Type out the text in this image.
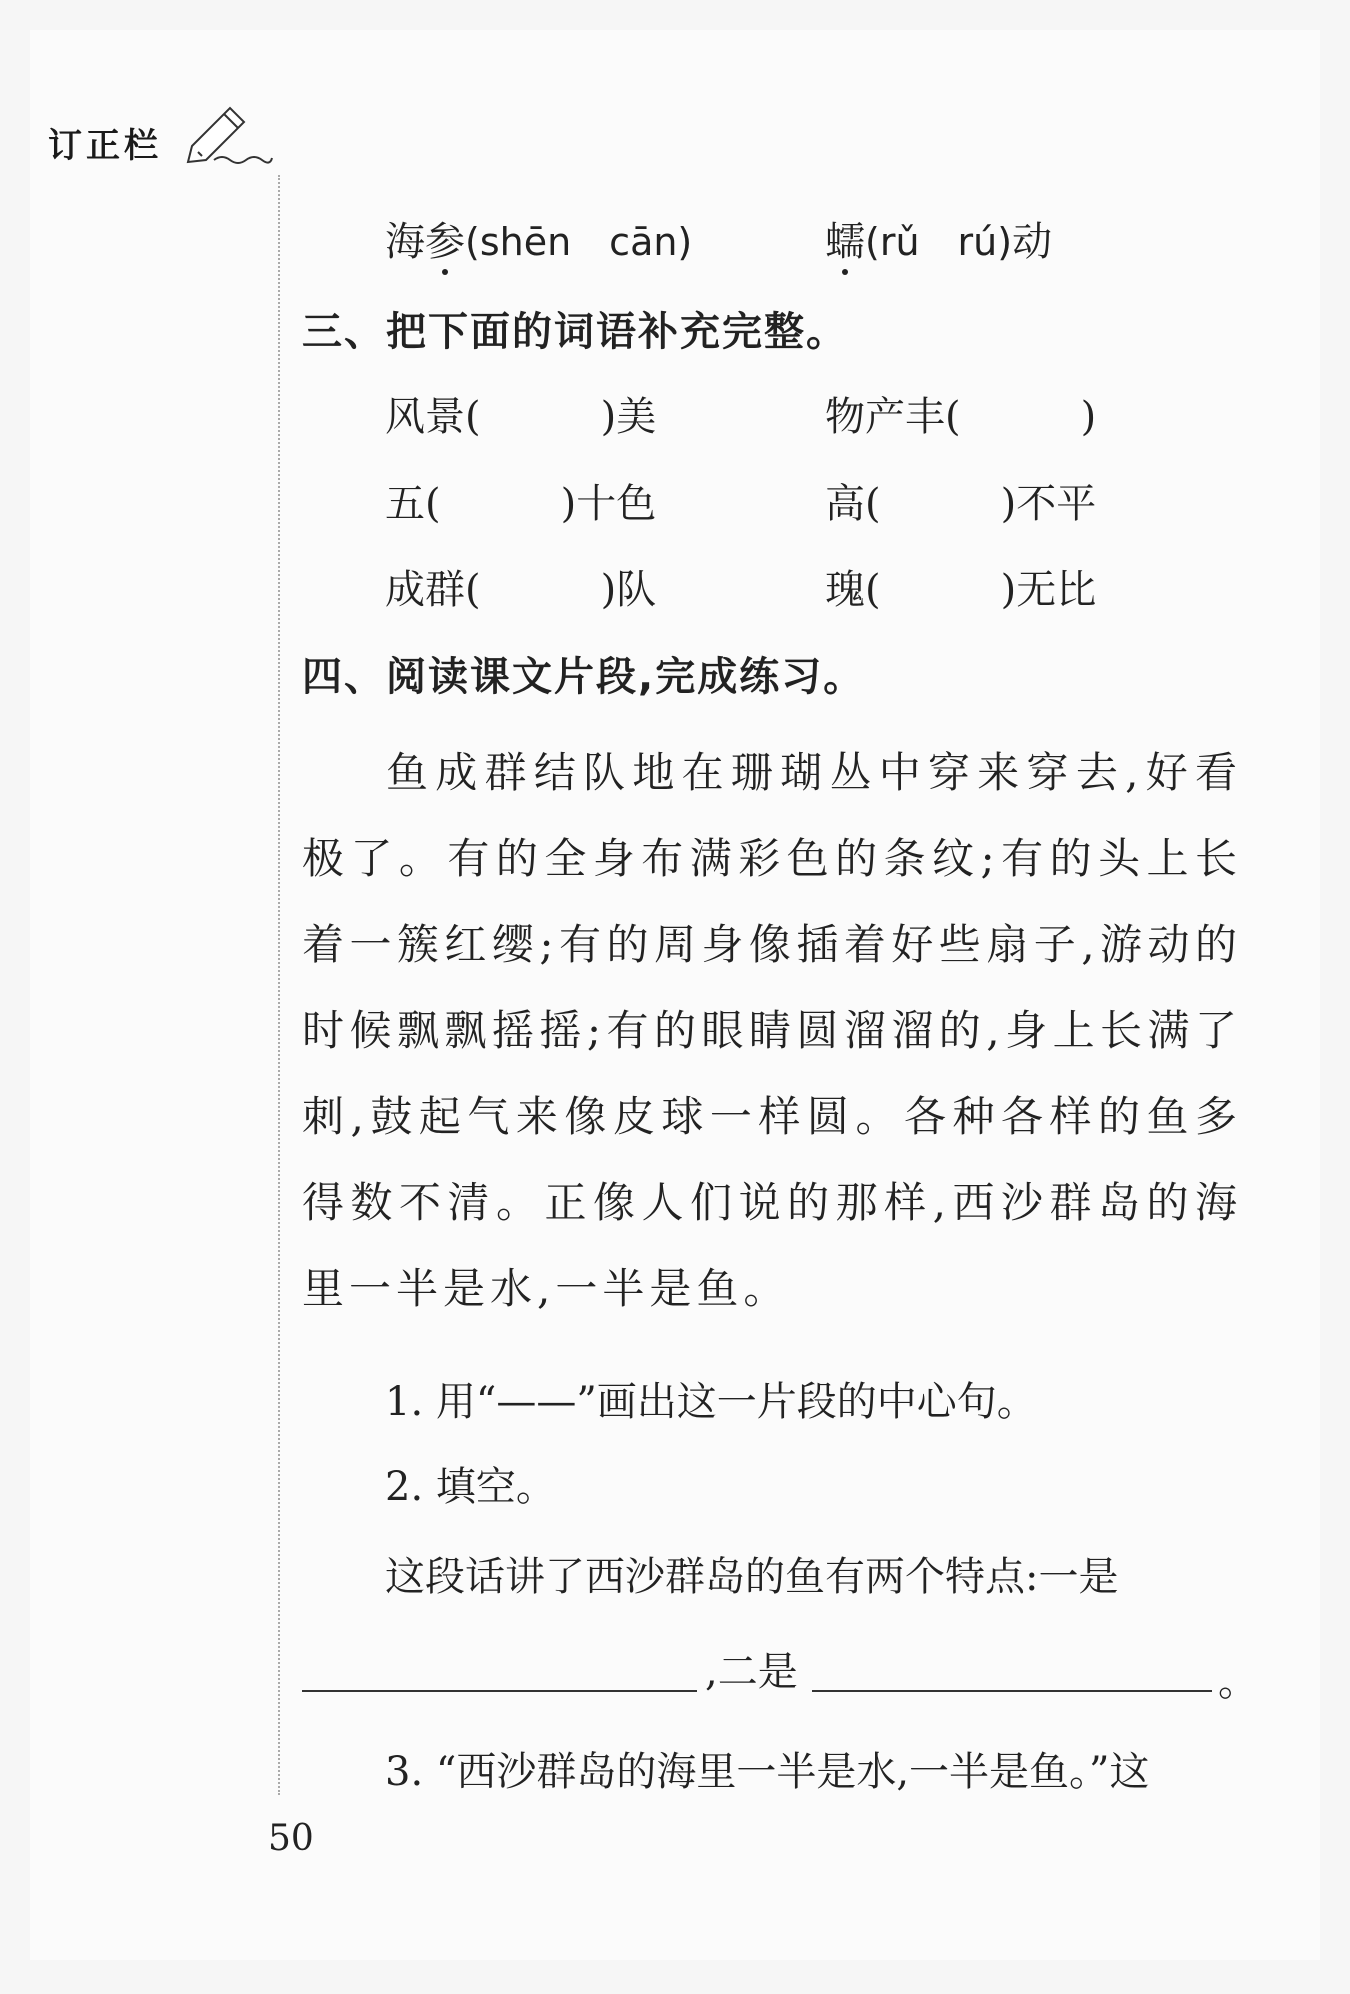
订正栏
海参(shēn　cān)	蠕(rǔ　rú)动
三、把下面的词语补充完整。
风景(	)美	物产丰(	)
五(	)十色	高(	)不平
成群(	)队	瑰(	)无比
四、阅读课文片段,完成练习。
鱼成群结队地在珊瑚丛中穿来穿去,好看极了。有的全身布满彩色的条纹;有的头上长着一簇红缨;有的周身像插着好些扇子,游动的时候飘飘摇摇;有的眼睛圆溜溜的,身上长满了刺,鼓起气来像皮球一样圆。各种各样的鱼多得数不清。正像人们说的那样,西沙群岛的海里一半是水,一半是鱼。
1. 用“——”画出这一片段的中心句。
2. 填空。
这段话讲了西沙群岛的鱼有两个特点:一是
,二是	。
3. “西沙群岛的海里一半是水,一半是鱼。”这
50
